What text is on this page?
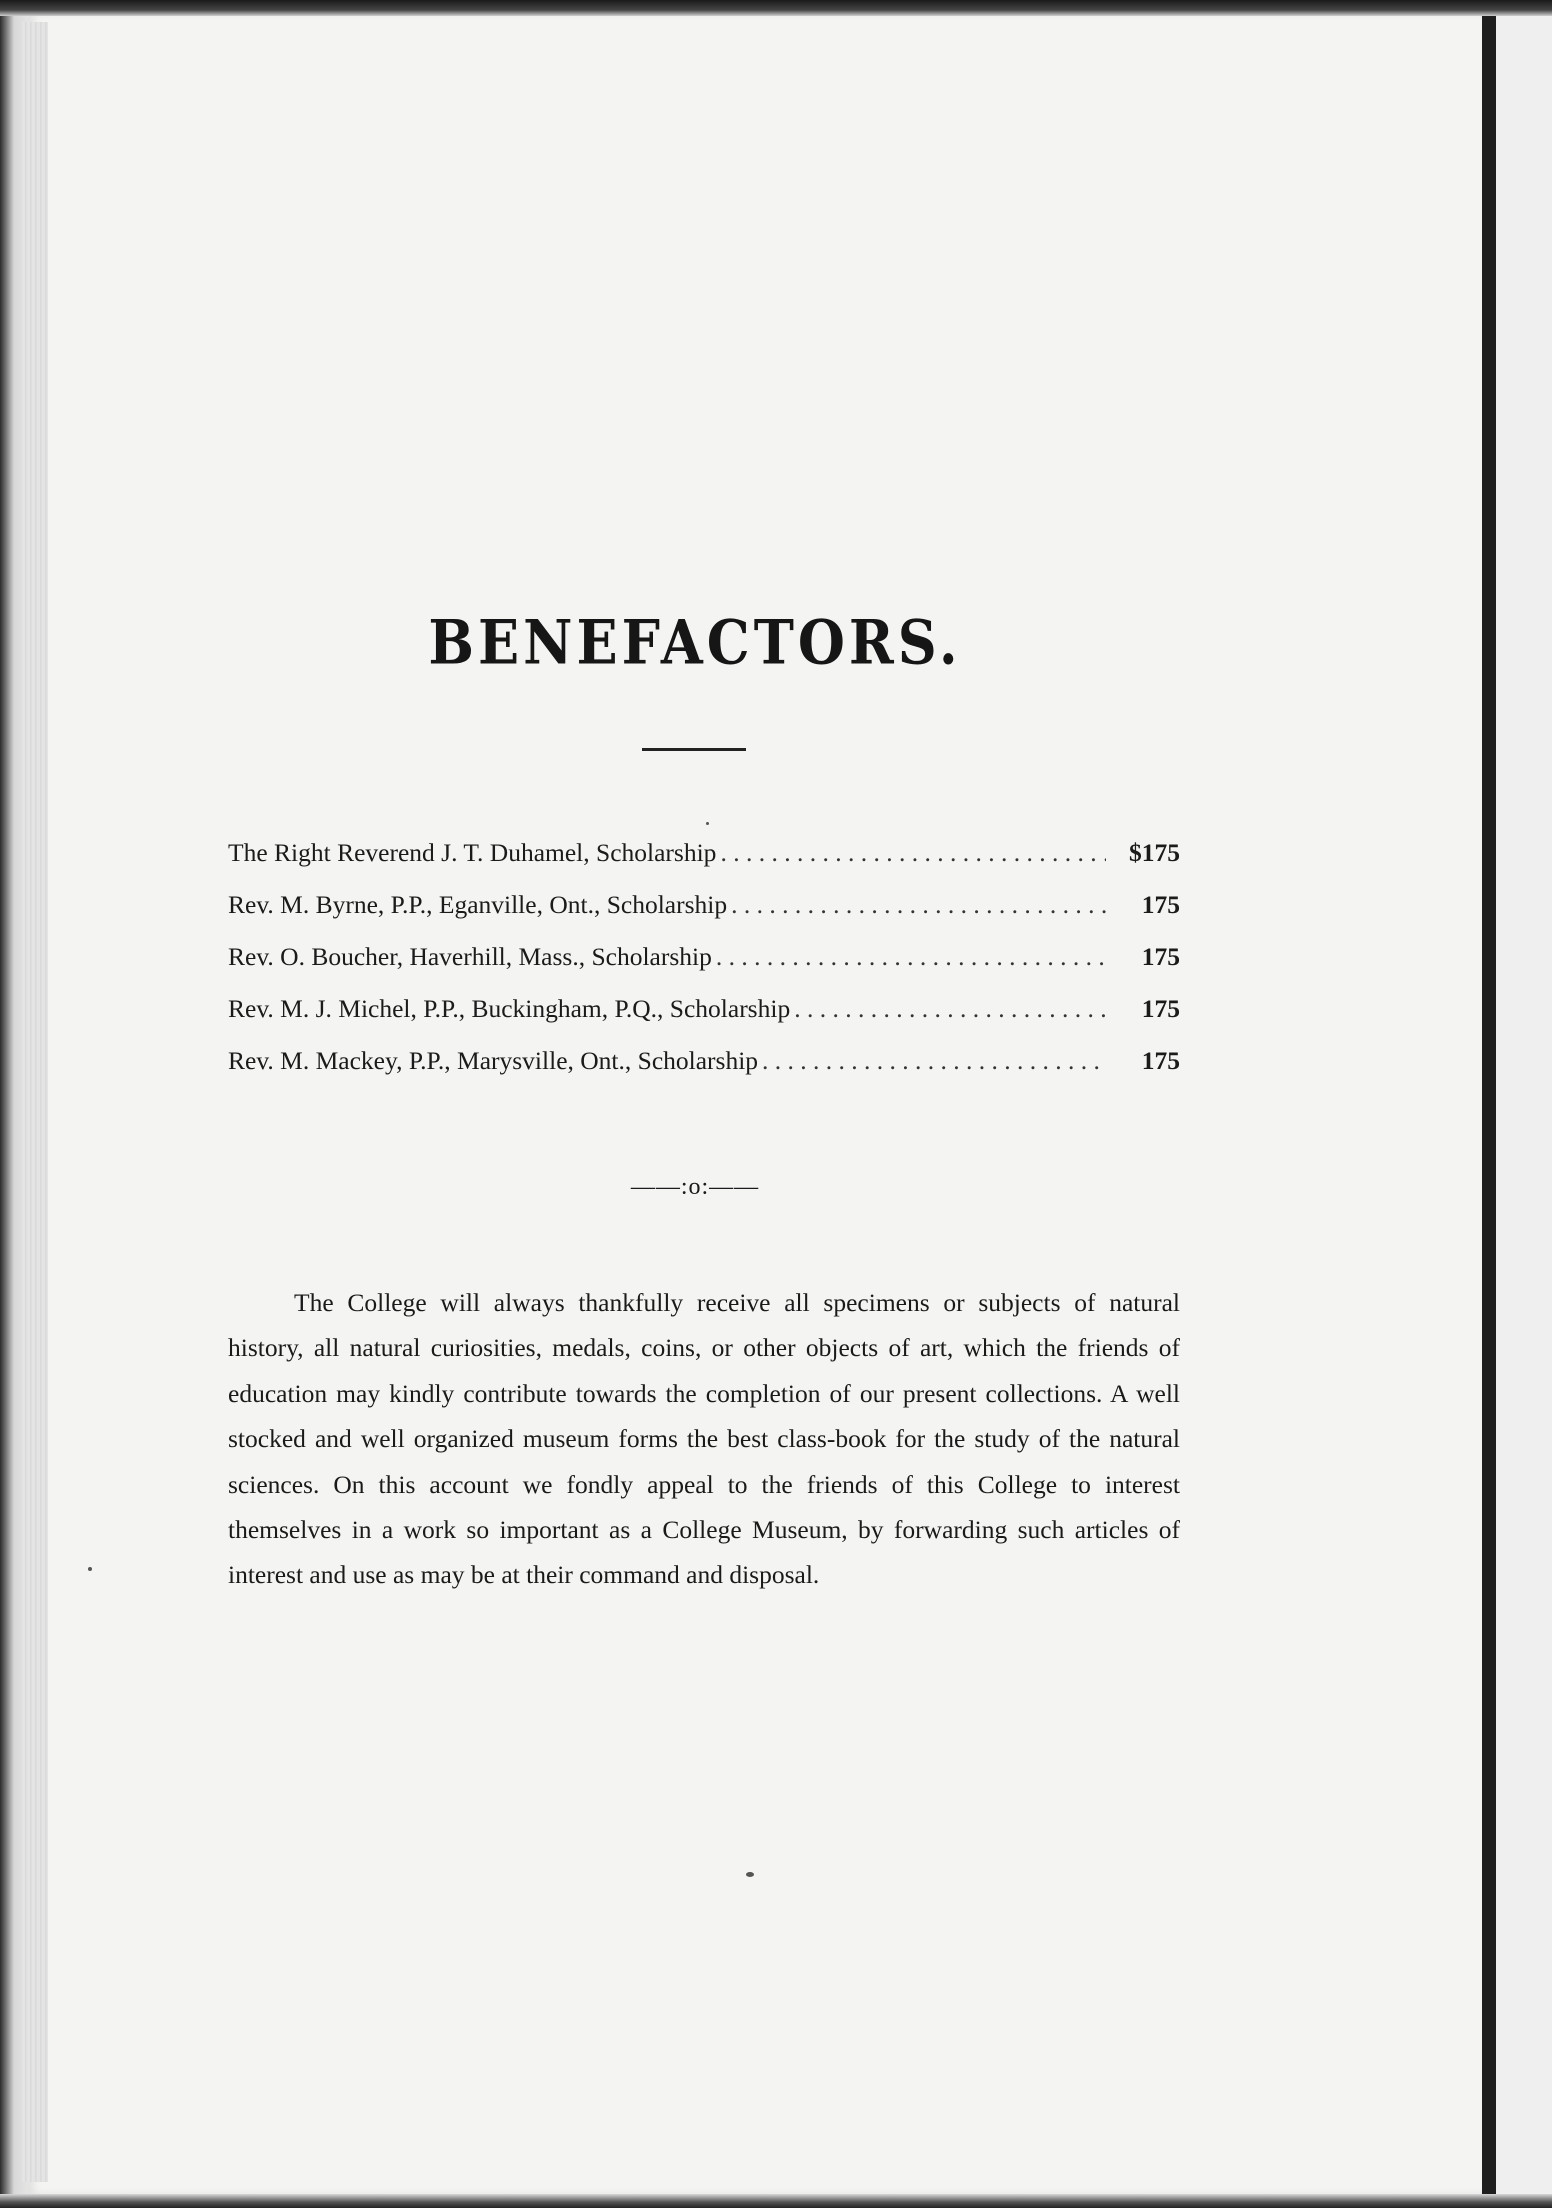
BENEFACTORS.
The Right Reverend J. T. Duhamel, Scholarship . . .	$175
Rev. M. Byrne, P.P., Eganville, Ont., Scholarship . . .	175
Rev. O. Boucher, Haverhill, Mass., Scholarship . . .	175
Rev. M. J. Michel, P.P., Buckingham, P.Q., Scholarship . . .	175
Rev. M. Mackey, P.P., Marysville, Ont., Scholarship . . .	175
——:o:——

The College will always thankfully receive all specimens or subjects of natural history, all natural curiosities, medals, coins, or other objects of art, which the friends of education may kindly contribute towards the completion of our present collections. A well stocked and well organized museum forms the best class-book for the study of the natural sciences. On this account we fondly appeal to the friends of this College to interest themselves in a work so important as a College Museum, by forwarding such articles of interest and use as may be at their command and disposal.
